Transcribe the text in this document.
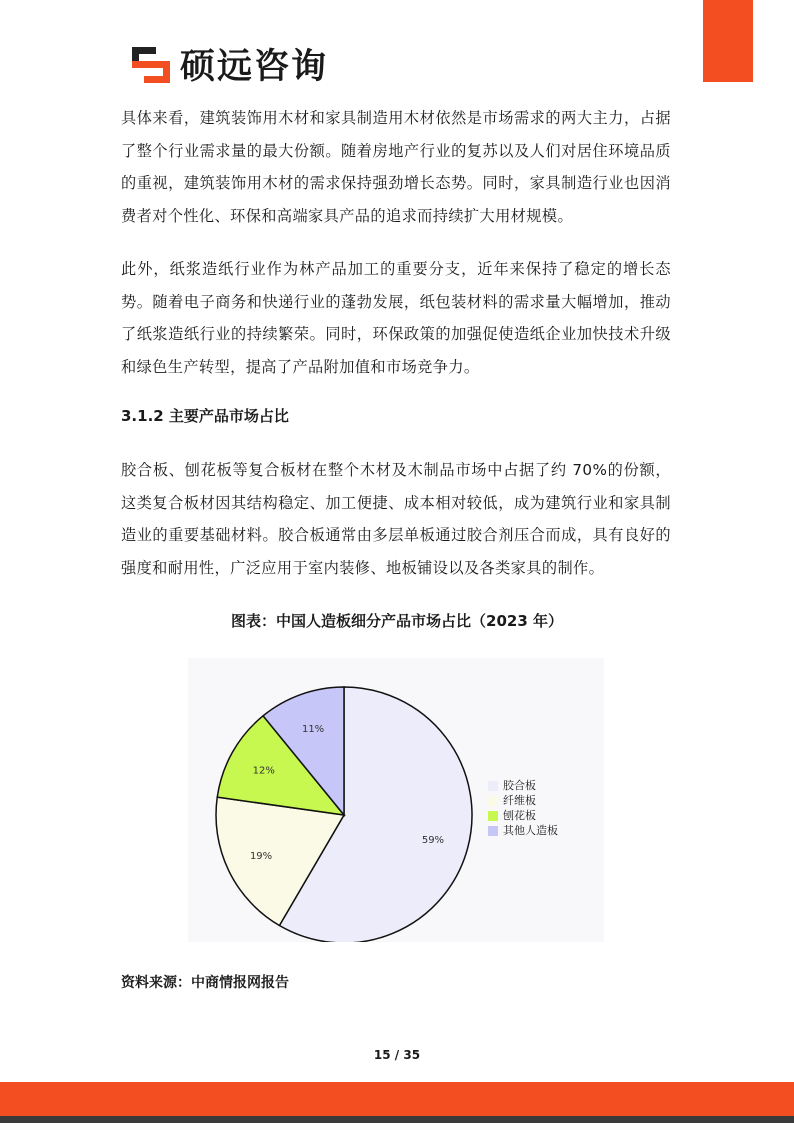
硕远咨询

具体来看，建筑装饰用木材和家具制造用木材依然是市场需求的两大主力，占据了整个行业需求量的最大份额。随着房地产行业的复苏以及人们对居住环境品质的重视，建筑装饰用木材的需求保持强劲增长态势。同时，家具制造行业也因消费者对个性化、环保和高端家具产品的追求而持续扩大用材规模。

此外，纸浆造纸行业作为林产品加工的重要分支，近年来保持了稳定的增长态势。随着电子商务和快递行业的蓬勃发展，纸包装材料的需求量大幅增加，推动了纸浆造纸行业的持续繁荣。同时，环保政策的加强促使造纸企业加快技术升级和绿色生产转型，提高了产品附加值和市场竞争力。

3.1.2 主要产品市场占比

胶合板、刨花板等复合板材在整个木材及木制品市场中占据了约 70%的份额，这类复合板材因其结构稳定、加工便捷、成本相对较低，成为建筑行业和家具制造业的重要基础材料。胶合板通常由多层单板通过胶合剂压合而成，具有良好的强度和耐用性，广泛应用于室内装修、地板铺设以及各类家具的制作。

图表：中国人造板细分产品市场占比（2023 年）
59%
19%
12%
11%
胶合板
纤维板
刨花板
其他人造板
资料来源：中商情报网报告
15 / 35
